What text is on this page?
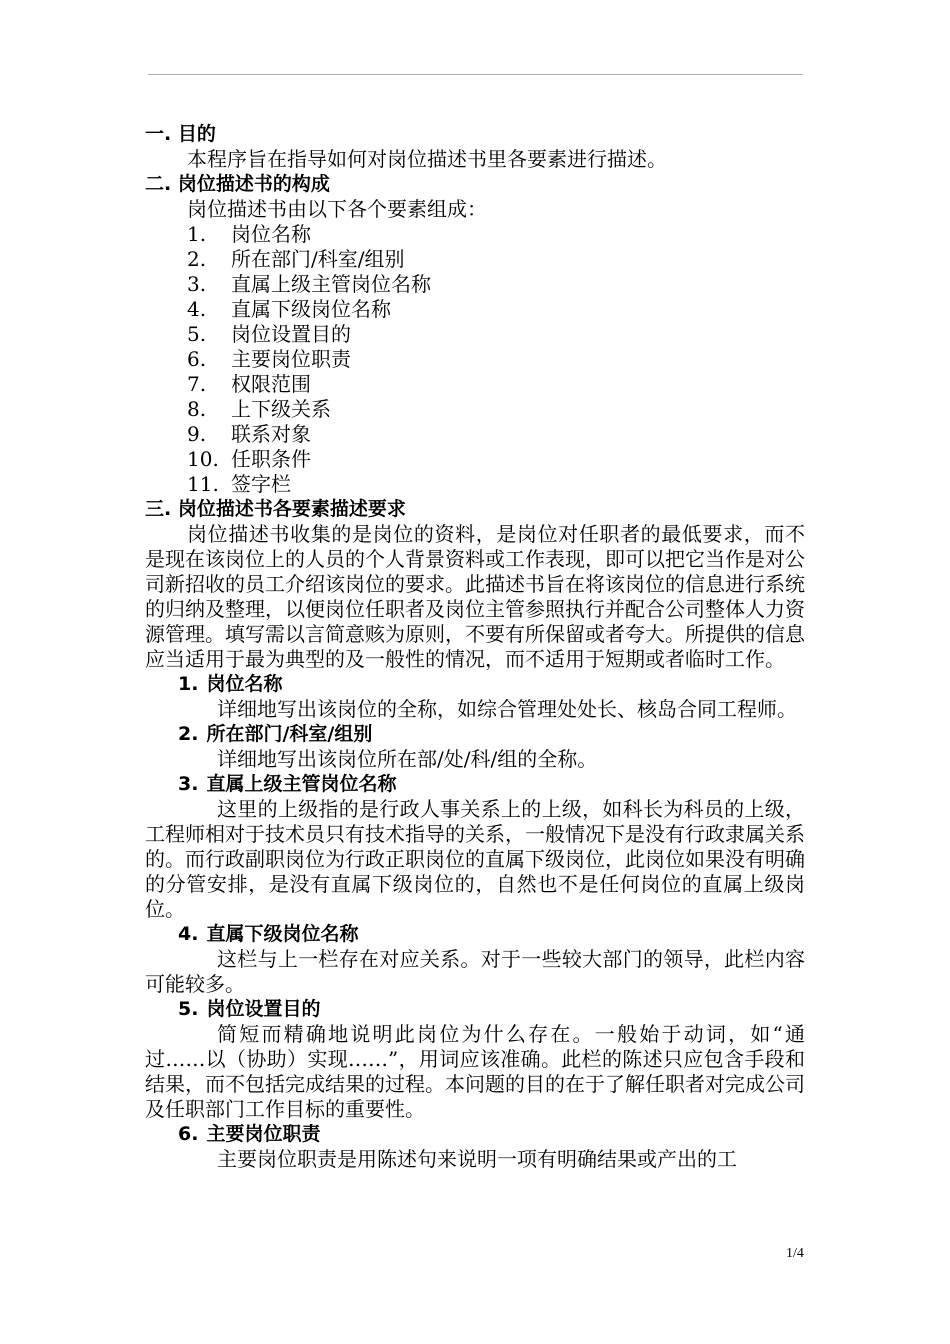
一. 目的
本程序旨在指导如何对岗位描述书里各要素进行描述。
二. 岗位描述书的构成
岗位描述书由以下各个要素组成：
1.	岗位名称
2.	所在部门/科室/组别
3.	直属上级主管岗位名称
4.	直属下级岗位名称
5.	岗位设置目的
6.	主要岗位职责
7.	权限范围
8.	上下级关系
9.	联系对象
10. 任职条件
11. 签字栏
三. 岗位描述书各要素描述要求
岗位描述书收集的是岗位的资料，是岗位对任职者的最低要求，而不是现在该岗位上的人员的个人背景资料或工作表现，即可以把它当作是对公司新招收的员工介绍该岗位的要求。此描述书旨在将该岗位的信息进行系统的归纳及整理，以便岗位任职者及岗位主管参照执行并配合公司整体人力资源管理。填写需以言简意赅为原则，不要有所保留或者夸大。所提供的信息应当适用于最为典型的及一般性的情况，而不适用于短期或者临时工作。
1. 岗位名称
详细地写出该岗位的全称，如综合管理处处长、核岛合同工程师。
2. 所在部门/科室/组别
详细地写出该岗位所在部/处/科/组的全称。
3. 直属上级主管岗位名称
这里的上级指的是行政人事关系上的上级，如科长为科员的上级，工程师相对于技术员只有技术指导的关系，一般情况下是没有行政隶属关系的。而行政副职岗位为行政正职岗位的直属下级岗位，此岗位如果没有明确的分管安排，是没有直属下级岗位的，自然也不是任何岗位的直属上级岗位。
4. 直属下级岗位名称
这栏与上一栏存在对应关系。对于一些较大部门的领导，此栏内容可能较多。
5. 岗位设置目的
简短而精确地说明此岗位为什么存在。一般始于动词，如“通过……以（协助）实现……”，用词应该准确。此栏的陈述只应包含手段和结果，而不包括完成结果的过程。本问题的目的在于了解任职者对完成公司及任职部门工作目标的重要性。
6. 主要岗位职责
主要岗位职责是用陈述句来说明一项有明确结果或产出的工
1/4
